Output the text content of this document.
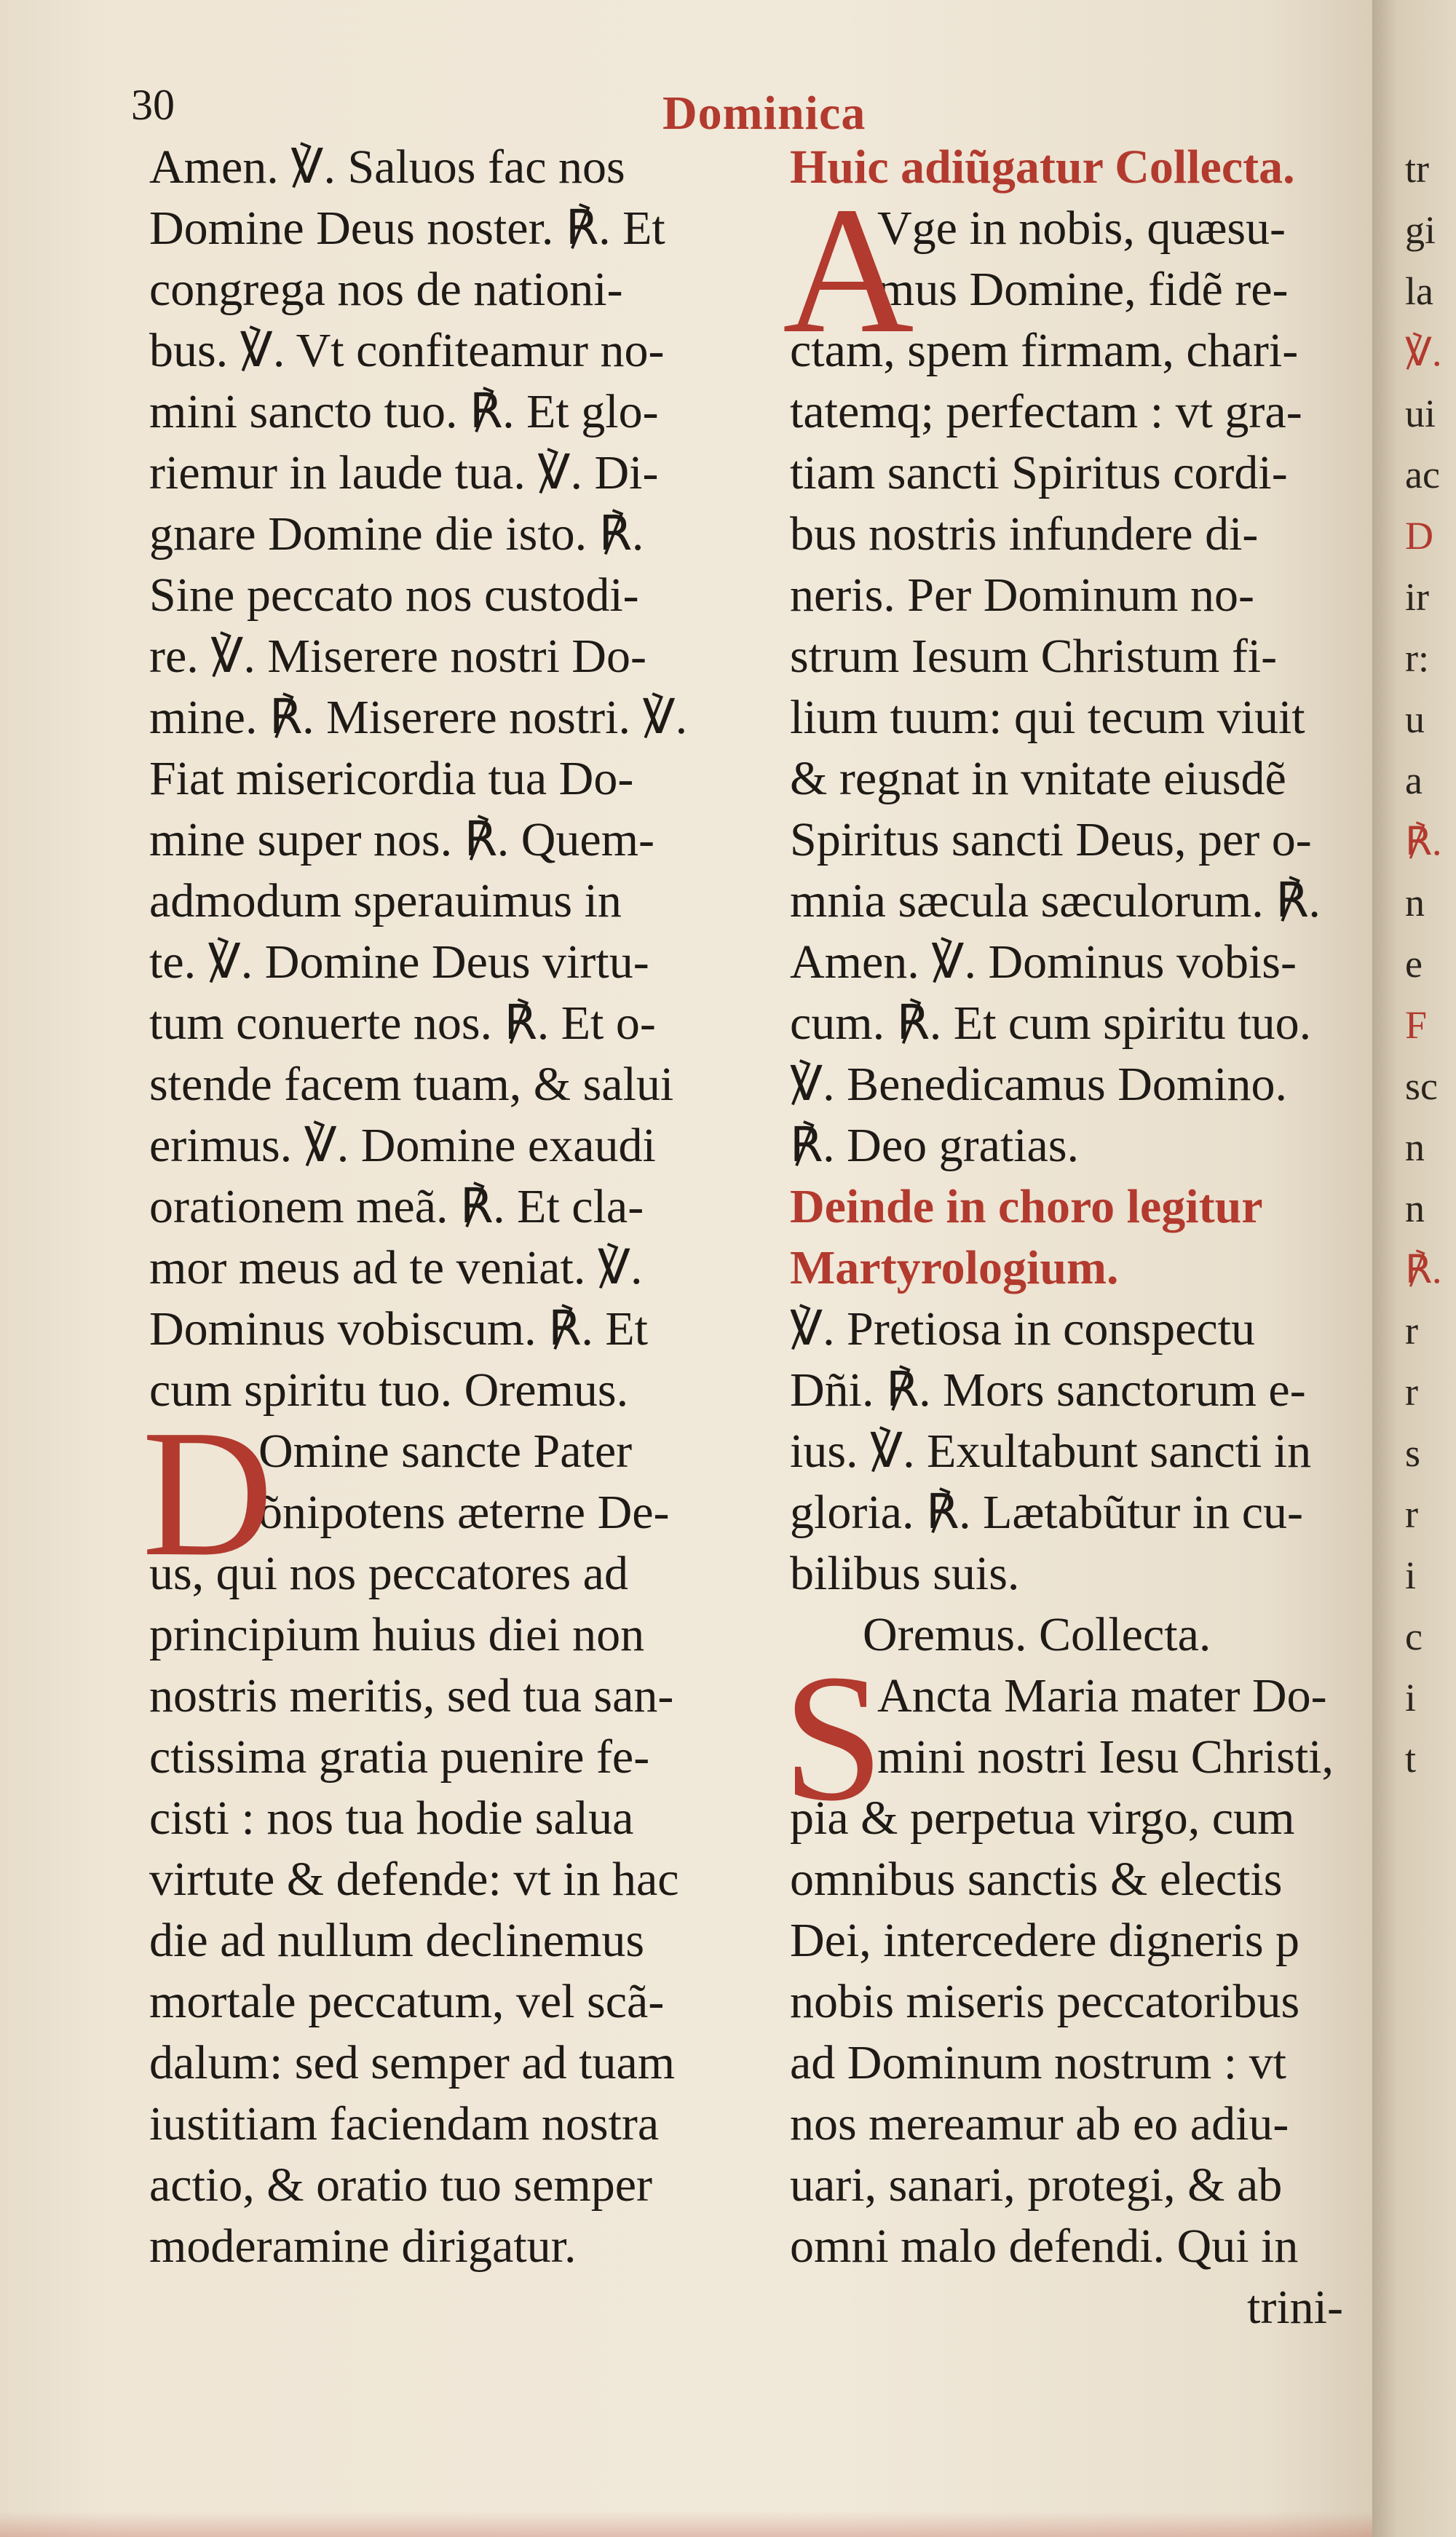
30	Dominica
Amen. ℣. Saluos fac nos
Domine Deus noster. ℟. Et
congrega nos de nationi-
bus. ℣. Vt confiteamur no-
mini sancto tuo. ℟. Et glo-
riemur in laude tua. ℣. Di-
gnare Domine die isto. ℟.
Sine peccato nos custodi-
re. ℣. Miserere nostri Do-
mine. ℟. Miserere nostri. ℣.
Fiat misericordia tua Do-
mine super nos. ℟. Quem-
admodum sperauimus in
te. ℣. Domine Deus virtu-
tum conuerte nos. ℟. Et o-
stende facem tuam, & salui
erimus. ℣. Domine exaudi
orationem meã. ℟. Et cla-
mor meus ad te veniat. ℣.
Dominus vobiscum. ℟. Et
cum spiritu tuo. Oremus.
D
Omine sancte Pater
õnipotens æterne De-
us, qui nos peccatores ad
principium huius diei non
nostris meritis, sed tua san-
ctissima gratia puenire fe-
cisti : nos tua hodie salua
virtute & defende: vt in hac
die ad nullum declinemus
mortale peccatum, vel scã-
dalum: sed semper ad tuam
iustitiam faciendam nostra
actio, & oratio tuo semper
moderamine dirigatur.
Huic adiũgatur Collecta.
A
Vge in nobis, quæsu-
mus Domine, fidẽ re-
ctam, spem firmam, chari-
tatemq; perfectam : vt gra-
tiam sancti Spiritus cordi-
bus nostris infundere di-
neris. Per Dominum no-
strum Iesum Christum fi-
lium tuum: qui tecum viuit
& regnat in vnitate eiusdẽ
Spiritus sancti Deus, per o-
mnia sæcula sæculorum. ℟.
Amen. ℣. Dominus vobis-
cum. ℟. Et cum spiritu tuo.
℣. Benedicamus Domino.
℟. Deo gratias.
Deinde in choro legitur Martyrologium.
℣. Pretiosa in conspectu
Dñi. ℟. Mors sanctorum e-
ius. ℣. Exultabunt sancti in
gloria. ℟. Lætabũtur in cu-
bilibus suis.
Oremus. Collecta.
S
Ancta Maria mater Do-
mini nostri Iesu Christi,
pia & perpetua virgo, cum
omnibus sanctis & electis
Dei, intercedere digneris p
nobis miseris peccatoribus
ad Dominum nostrum : vt
nos mereamur ab eo adiu-
uari, sanari, protegi, & ab
omni malo defendi. Qui in
trini-
tr
gi
la
℣.
ui
ac
D
ir
r:
u
a
℟.
n
e
F
sc
n
n
℟.
r
r
s
r
i
c
i
t
